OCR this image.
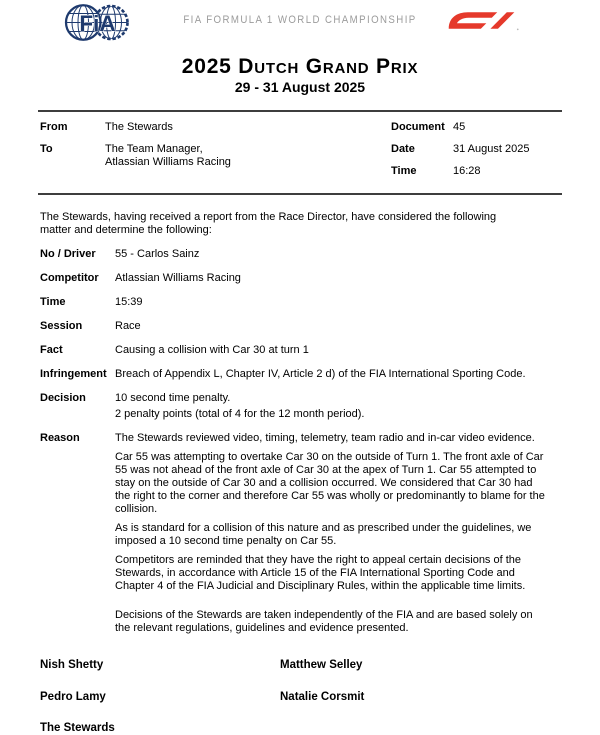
FiA	FIA FORMULA 1 WORLD CHAMPIONSHIP
2025 Dutch Grand Prix
29 - 31 August 2025
From	The Stewards
To	The Team Manager,
Atlassian Williams Racing
Document 45
Date	31 August 2025
Time	16:28

The Stewards, having received a report from the Race Director, have considered the following matter and determine the following:

No / Driver	55 - Carlos Sainz
Competitor	Atlassian Williams Racing
Time	15:39
Session	Race
Fact	Causing a collision with Car 30 at turn 1
Infringement Breach of Appendix L, Chapter IV, Article 2 d) of the FIA International Sporting Code.
Decision	10 second time penalty.

2 penalty points (total of 4 for the 12 month period).

Reason	The Stewards reviewed video, timing, telemetry, team radio and in-car video evidence.

Car 55 was attempting to overtake Car 30 on the outside of Turn 1. The front axle of Car 55 was not ahead of the front axle of Car 30 at the apex of Turn 1. Car 55 attempted to stay on the outside of Car 30 and a collision occurred. We considered that Car 30 had the right to the corner and therefore Car 55 was wholly or predominantly to blame for the collision.

As is standard for a collision of this nature and as prescribed under the guidelines, we imposed a 10 second time penalty on Car 55.

Competitors are reminded that they have the right to appeal certain decisions of the Stewards, in accordance with Article 15 of the FIA International Sporting Code and Chapter 4 of the FIA Judicial and Disciplinary Rules, within the applicable time limits.

Decisions of the Stewards are taken independently of the FIA and are based solely on the relevant regulations, guidelines and evidence presented.

Nish Shetty	Matthew Selley
Pedro Lamy	Natalie Corsmit
The Stewards
